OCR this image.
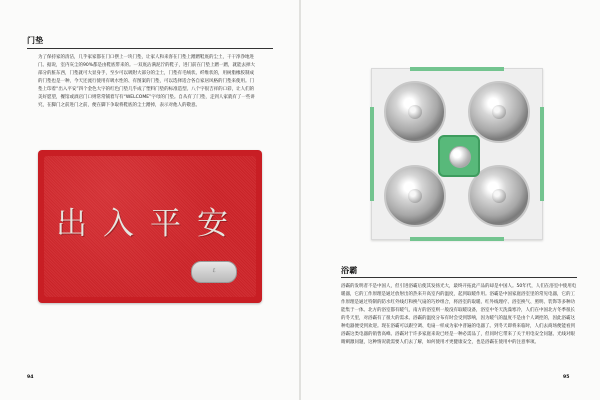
门垫
为了保持家的清洁，几乎家家都在门口摆上一块门垫，让家人和来客在门垫上蹭蹭鞋底的尘土，干干净净地进门。据说，室内灰尘的90%都是由鞋底带来的。一双底沾满泥泞的鞋子，进门前在门垫上蹭一蹭，就能去掉大部分的脏东西，门垫就可大显身手，至少可以吸附大部分的尘土，门垫有毛绒状、纤维状的，用树脂橡胶制成的门垫也是一种，今天还流行使用有吸水性的、有图案的门垫，可以选择适合各自家居风格的门垫来使用。门垫上印着“出入平安”四个金色大字的红色门垫几乎成了塑料门垫的标准造型。八个字很吉祥的口彩，让人们的美好愿望，餐馆或酒店门口则常常铺着写有“WELCOME”字母的门垫。自从有了门垫，走到人家就有了一些讲究，在脚门之前进门之前，便在脚下争取将鞋底的尘土蹭掉，表示对他人的敬意。
出入平安
ℰ
94
浴霸
浴霸的发明者不是中国人，但引进浴霸后使其发扬光大，最终开拓此产品的却是中国人。50年代，人们在浴室中使用电暖器，它的工作原理是通过放射出的热来升高室内的温度，起到取暖作用。浴霸是中国家庭浴室里的常见电器，它的工作原理是通过特制的防水红外线灯和换气扇的巧妙组合，将浴室的取暖、红外线理疗、浴室换气、照明、装饰等多种功能集于一体。北方的浴室都有暖气，南方的浴室则一般没有取暖设备，浴室中冬天洗澡寒冷，人们在中国北方冬季很长的冬天里，对浴霸有了很大的需求。浴霸的温度分布有时会受到影响，因为暖气的温度不是由个人调控的，因此浴霸这种电器便受到欢迎。现在浴霸可以跟空调、电扇一样成为家中普遍的电器了。到冬天即将来临时，人们去商场便能看到浴霸这类电器的销售高峰。浴霸对于许多家庭来说已经是一种必需品了，但同时它带来了关于用电安全问题、光线对眼睛刺激问题，这种情况就需要人们去了解，如何使用才更健康安全，也是浴霸在使用中的注意事项。
95
